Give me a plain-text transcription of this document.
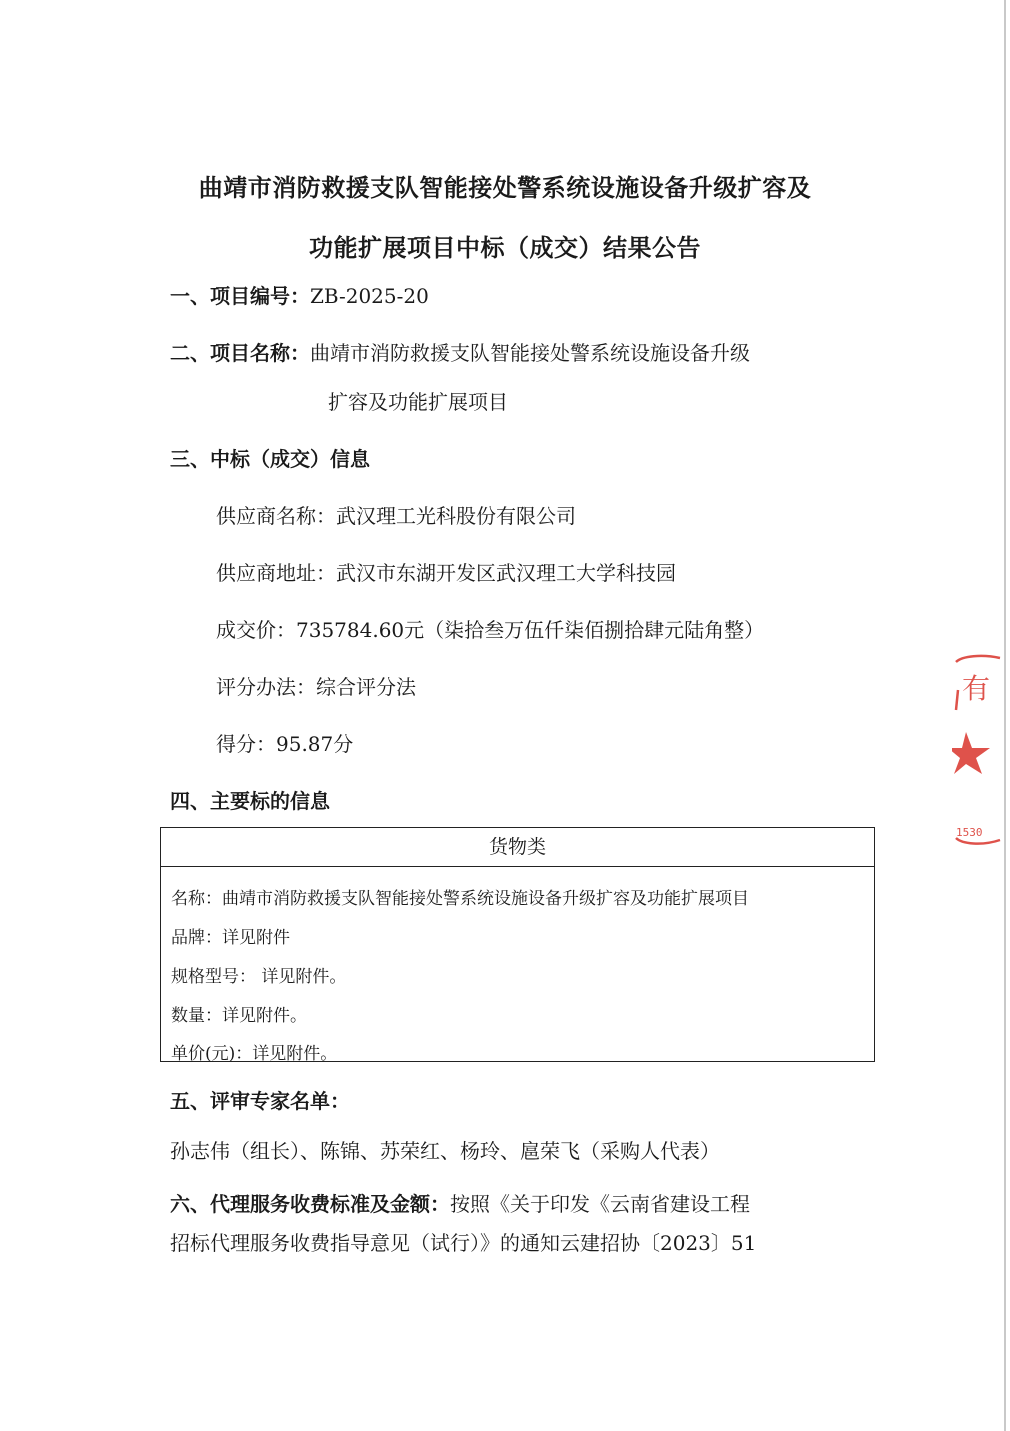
曲靖市消防救援支队智能接处警系统设施设备升级扩容及
功能扩展项目中标（成交）结果公告
一、项目编号：ZB-2025-20
二、项目名称：曲靖市消防救援支队智能接处警系统设施设备升级
扩容及功能扩展项目
三、中标（成交）信息
供应商名称：武汉理工光科股份有限公司
供应商地址：武汉市东湖开发区武汉理工大学科技园
成交价：735784.60元（柒拾叁万伍仟柒佰捌拾肆元陆角整）
评分办法：综合评分法
得分：95.87分
四、主要标的信息
货物类
名称：曲靖市消防救援支队智能接处警系统设施设备升级扩容及功能扩展项目
品牌：详见附件
规格型号： 详见附件。
数量：详见附件。
单价(元)：详见附件。
五、评审专家名单：
孙志伟（组长）、陈锦、苏荣红、杨玲、扈荣飞（采购人代表）
六、代理服务收费标准及金额：按照《关于印发《云南省建设工程
招标代理服务收费指导意见（试行）》的通知云建招协〔2023〕51
有
1530
